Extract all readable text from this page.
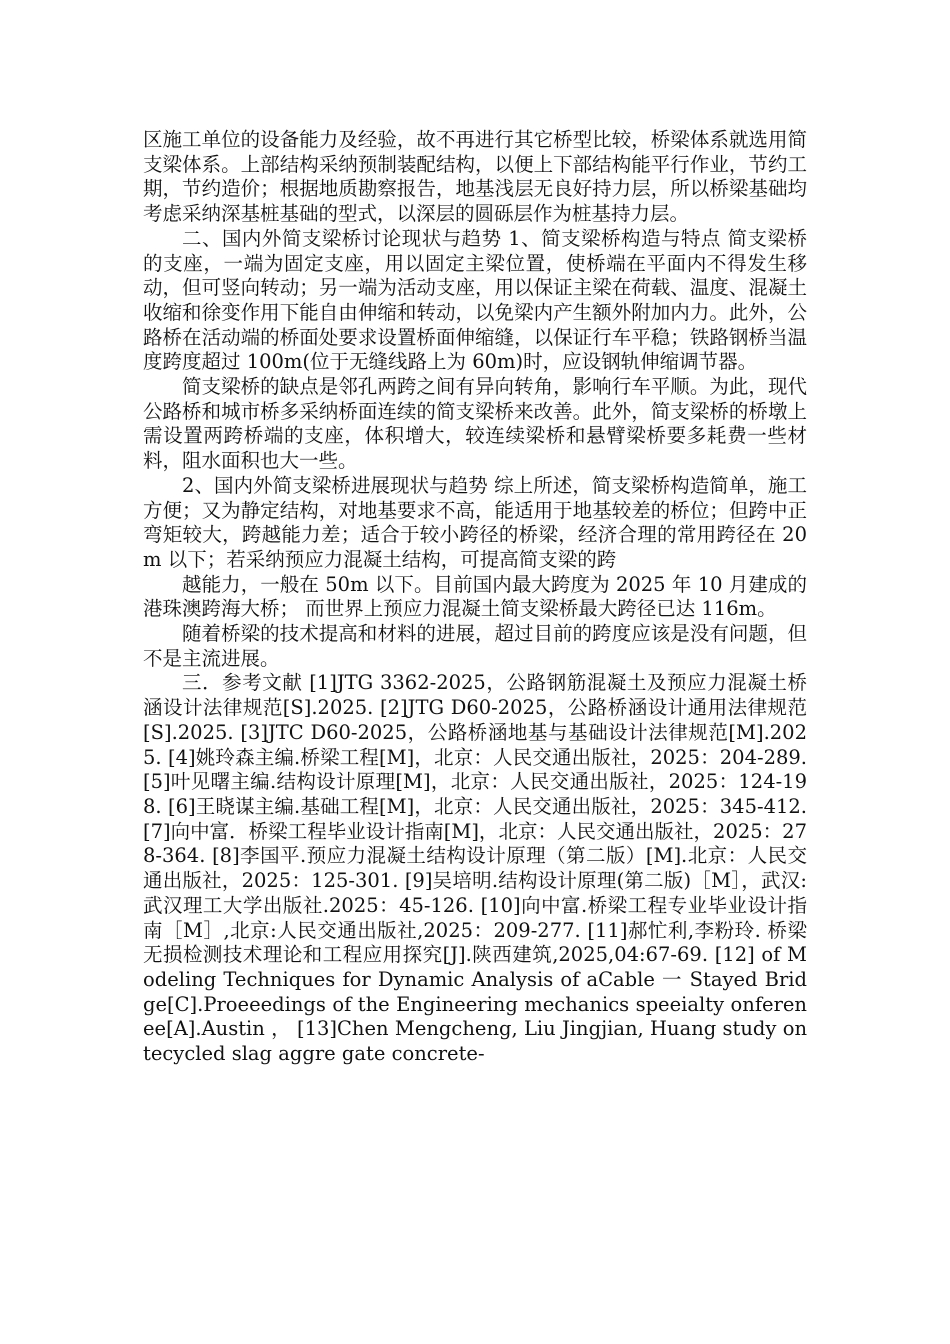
区施工单位的设备能力及经验，故不再进行其它桥型比较，桥梁体系就选用简支梁体系。上部结构采纳预制装配结构，以便上下部结构能平行作业，节约工期，节约造价；根据地质勘察报告，地基浅层无良好持力层，所以桥梁基础均考虑采纳深基桩基础的型式，以深层的圆砾层作为桩基持力层。

二、国内外简支梁桥讨论现状与趋势 1、简支梁桥构造与特点 简支梁桥的支座，一端为固定支座，用以固定主梁位置，使桥端在平面内不得发生移动，但可竖向转动；另一端为活动支座，用以保证主梁在荷载、温度、混凝土收缩和徐变作用下能自由伸缩和转动，以免梁内产生额外附加内力。此外，公路桥在活动端的桥面处要求设置桥面伸缩缝，以保证行车平稳；铁路钢桥当温度跨度超过 100m(位于无缝线路上为 60m)时，应设钢轨伸缩调节器。

简支梁桥的缺点是邻孔两跨之间有异向转角，影响行车平顺。为此，现代公路桥和城市桥多采纳桥面连续的简支梁桥来改善。此外，简支梁桥的桥墩上需设置两跨桥端的支座，体积增大，较连续梁桥和悬臂梁桥要多耗费一些材料，阻水面积也大一些。

2、国内外简支梁桥进展现状与趋势 综上所述，简支梁桥构造简单，施工方便；又为静定结构，对地基要求不高，能适用于地基较差的桥位；但跨中正弯矩较大，跨越能力差；适合于较小跨径的桥梁，经济合理的常用跨径在 20m 以下；若采纳预应力混凝土结构，可提高简支梁的跨

越能力，一般在 50m 以下。目前国内最大跨度为 2025 年 10 月建成的港珠澳跨海大桥； 而世界上预应力混凝土简支梁桥最大跨径已达 116m。

随着桥梁的技术提高和材料的进展，超过目前的跨度应该是没有问题，但不是主流进展。

三．参考文献 [1]JTG 3362-2025，公路钢筋混凝土及预应力混凝土桥涵设计法律规范[S].2025. [2]JTG D60-2025，公路桥涵设计通用法律规范[S].2025. [3]JTC D60-2025，公路桥涵地基与基础设计法律规范[M].2025. [4]姚玲森主编.桥梁工程[M]，北京：人民交通出版社，2025：204-289. [5]叶见曙主编.结构设计原理[M]，北京：人民交通出版社，2025：124-198. [6]王晓谋主编.基础工程[M]，北京：人民交通出版社，2025：345-412. [7]向中富．桥梁工程毕业设计指南[M]，北京：人民交通出版社，2025：278-364. [8]李国平.预应力混凝土结构设计原理（第二版）[M].北京：人民交通出版社，2025：125-301. [9]吴培明.结构设计原理(第二版)［M］，武汉:武汉理工大学出版社.2025：45-126. [10]向中富.桥梁工程专业毕业设计指南［M］,北京:人民交通出版社,2025：209-277. [11]郝忙利,李粉玲. 桥梁无损检测技术理论和工程应用探究[J].陕西建筑,2025,04:67-69. [12] of Modeling Techniques for Dynamic Analysis of aCable 一 Stayed Bridge[C].Proeeedings of the Engineering mechanics speeialty onferenee[A].Austin ， [13]Chen Mengcheng, Liu Jingjian, Huang study ontecycled slag aggre gate concrete-
